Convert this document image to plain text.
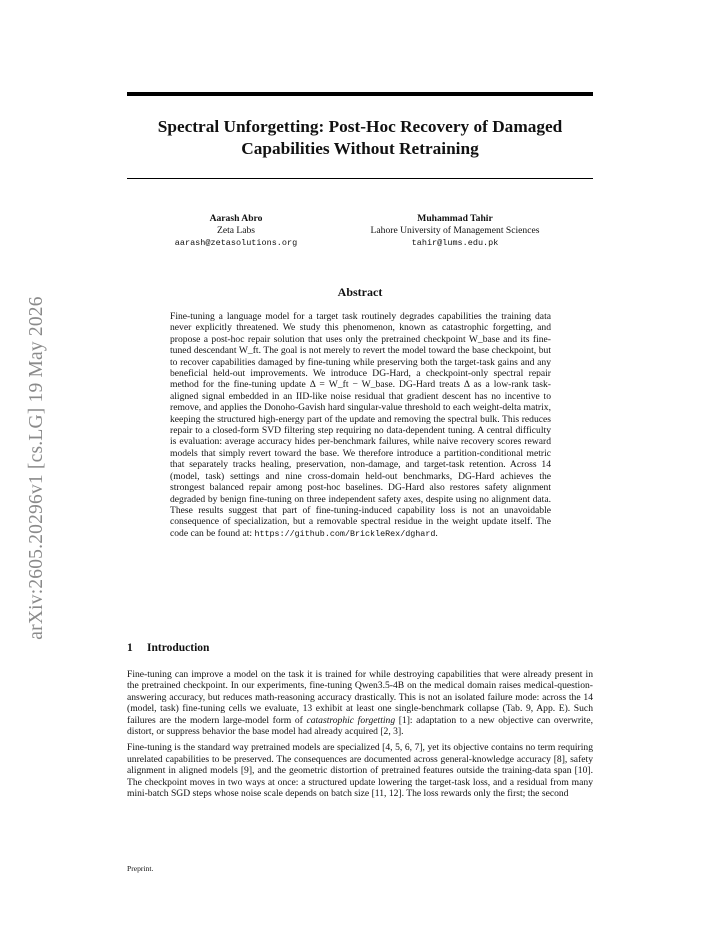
arXiv:2605.20296v1 [cs.LG] 19 May 2026
Spectral Unforgetting: Post-Hoc Recovery of Damaged
Capabilities Without Retraining
Aarash Abro
Zeta Labs
aarash@zetasolutions.org
Muhammad Tahir
Lahore University of Management Sciences
tahir@lums.edu.pk
Abstract
Fine-tuning a language model for a target task routinely degrades capabilities the training data never explicitly threatened. We study this phenomenon, known as catastrophic forgetting, and propose a post-hoc repair solution that uses only the pretrained checkpoint W_base and its fine-tuned descendant W_ft. The goal is not merely to revert the model toward the base checkpoint, but to recover capabilities damaged by fine-tuning while preserving both the target-task gains and any beneficial held-out improvements. We introduce DG-Hard, a checkpoint-only spectral repair method for the fine-tuning update Δ = W_ft − W_base. DG-Hard treats Δ as a low-rank task-aligned signal embedded in an IID-like noise residual that gradient descent has no incentive to remove, and applies the Donoho-Gavish hard singular-value threshold to each weight-delta matrix, keeping the structured high-energy part of the update and removing the spectral bulk. This reduces repair to a closed-form SVD filtering step requiring no data-dependent tuning. A central difficulty is evaluation: average accuracy hides per-benchmark failures, while naive recovery scores reward models that simply revert toward the base. We therefore introduce a partition-conditional metric that separately tracks healing, preservation, non-damage, and target-task retention. Across 14 (model, task) settings and nine cross-domain held-out benchmarks, DG-Hard achieves the strongest balanced repair among post-hoc baselines. DG-Hard also restores safety alignment degraded by benign fine-tuning on three independent safety axes, despite using no alignment data. These results suggest that part of fine-tuning-induced capability loss is not an unavoidable consequence of specialization, but a removable spectral residue in the weight update itself. The code can be found at: https://github.com/BrickleRex/dghard.
1 Introduction

Fine-tuning can improve a model on the task it is trained for while destroying capabilities that were already present in the pretrained checkpoint. In our experiments, fine-tuning Qwen3.5-4B on the medical domain raises medical-question-answering accuracy, but reduces math-reasoning accuracy drastically. This is not an isolated failure mode: across the 14 (model, task) fine-tuning cells we evaluate, 13 exhibit at least one single-benchmark collapse (Tab. 9, App. E). Such failures are the modern large-model form of catastrophic forgetting [1]: adaptation to a new objective can overwrite, distort, or suppress behavior the base model had already acquired [2, 3].

Fine-tuning is the standard way pretrained models are specialized [4, 5, 6, 7], yet its objective contains no term requiring unrelated capabilities to be preserved. The consequences are documented across general-knowledge accuracy [8], safety alignment in aligned models [9], and the geometric distortion of pretrained features outside the training-data span [10]. The checkpoint moves in two ways at once: a structured update lowering the target-task loss, and a residual from many mini-batch SGD steps whose noise scale depends on batch size [11, 12]. The loss rewards only the first; the second

Preprint.
